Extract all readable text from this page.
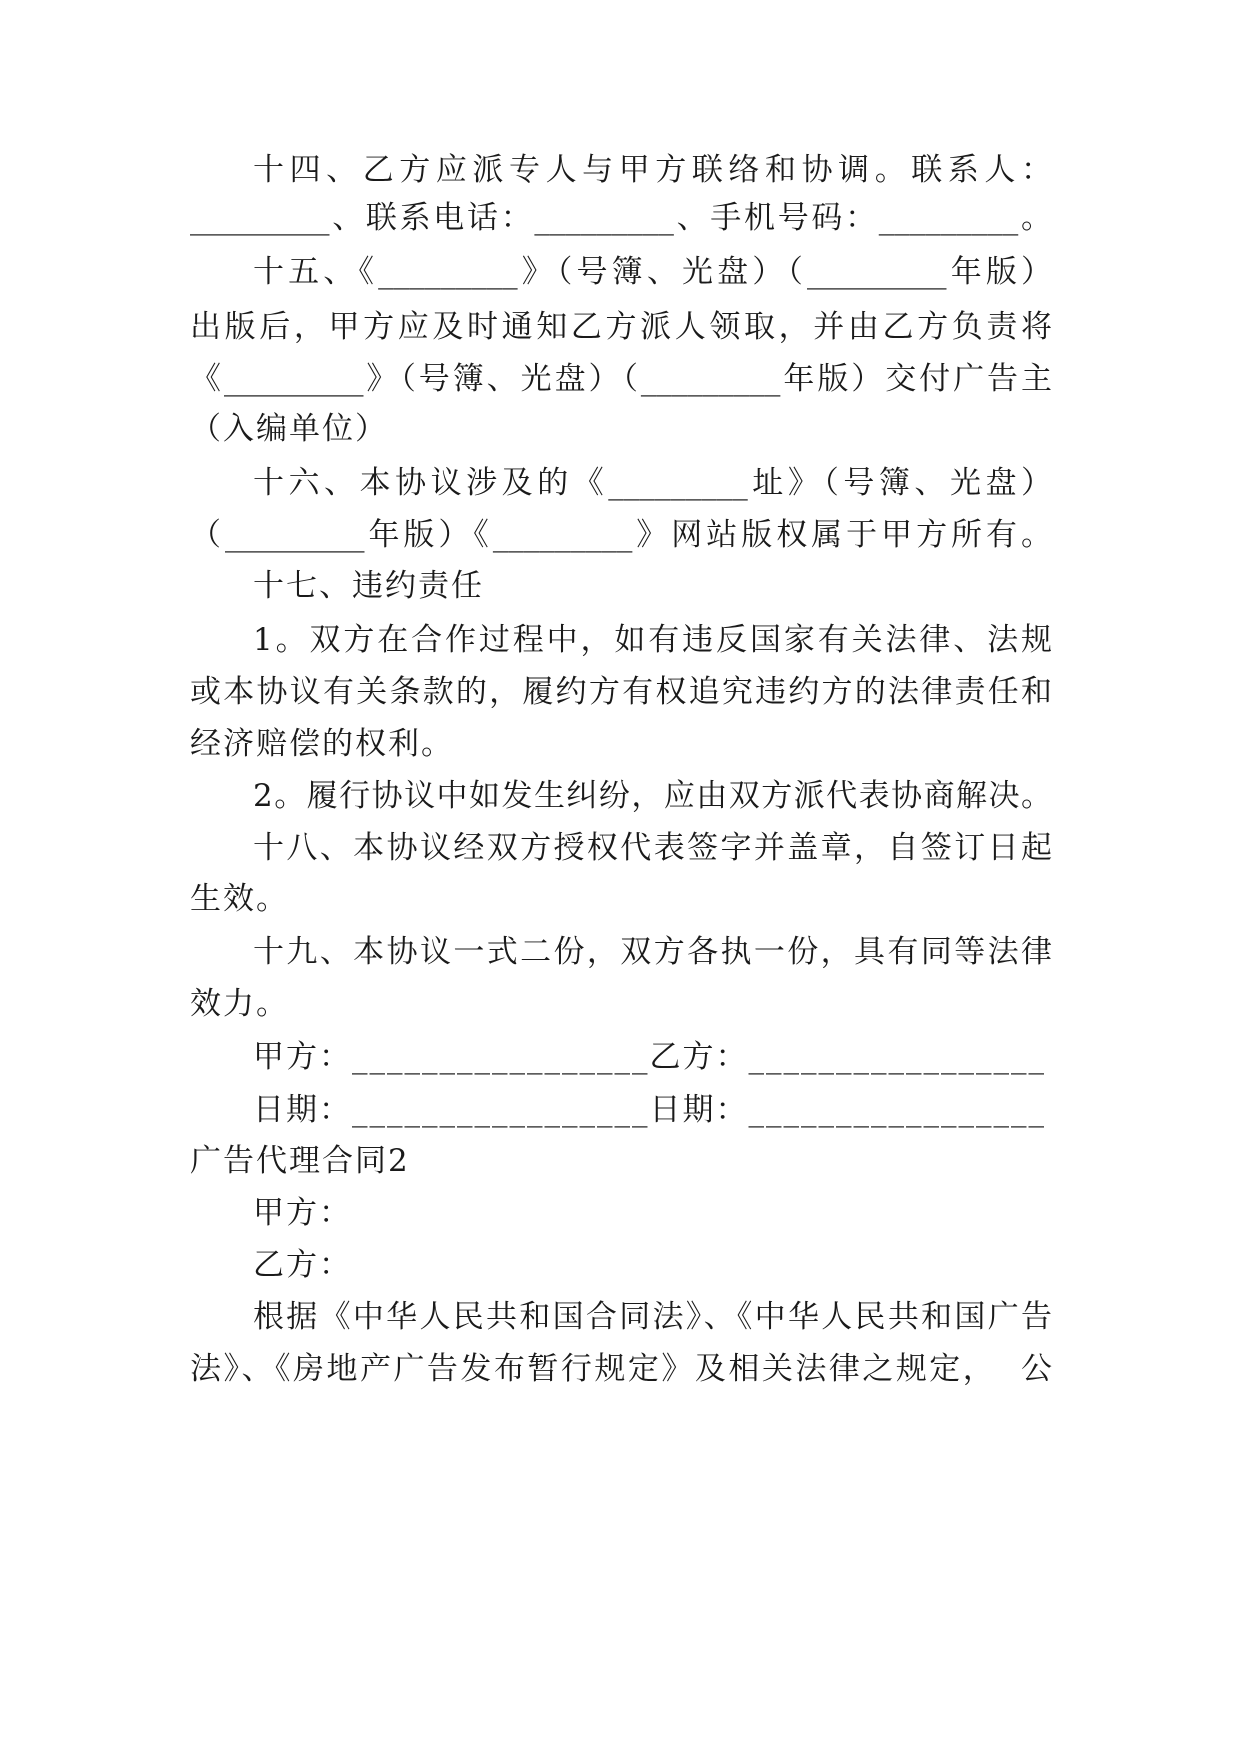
十四、乙方应派专人与甲方联络和协调。联系人：
_________、联系电话：_________、手机号码：_________。
十五、《_________》（号簿、光盘）（_________年版）
出版后，甲方应及时通知乙方派人领取，并由乙方负责将
《_________》（号簿、光盘）（_________年版）交付广告主
（入编单位）
十六、本协议涉及的《_________址》（号簿、光盘）
（_________年版）《_________》网站版权属于甲方所有。
十七、违约责任
1。双方在合作过程中，如有违反国家有关法律、法规
或本协议有关条款的，履约方有权追究违约方的法律责任和
经济赔偿的权利。
2。履行协议中如发生纠纷，应由双方派代表协商解决。
十八、本协议经双方授权代表签字并盖章，自签订日起
生效。
十九、本协议一式二份，双方各执一份，具有同等法律
效力。
甲方：_________________乙方：_________________
日期：_________________日期：_________________
广告代理合同2
甲方：
乙方：
根据《中华人民共和国合同法》、《中华人民共和国广告
法》、《房地产广告发布暂行规定》及相关法律之规定，  公
